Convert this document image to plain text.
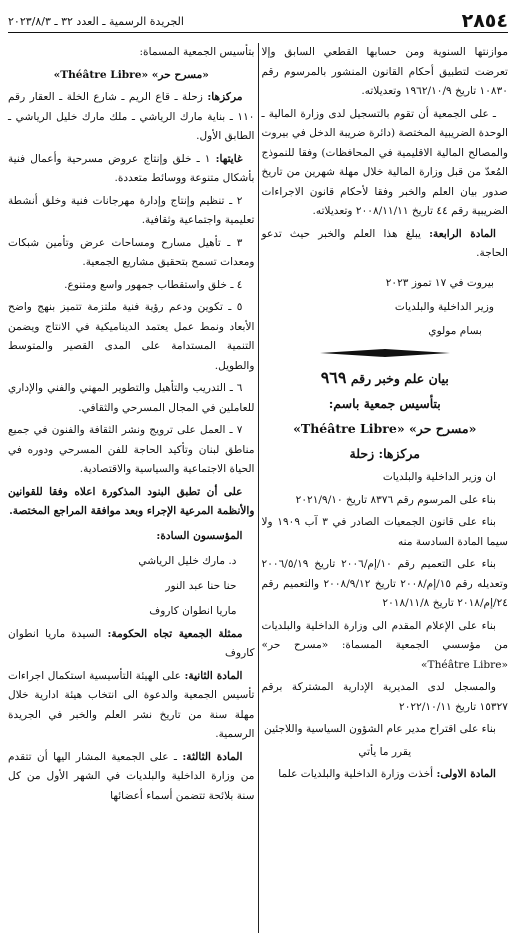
٢٨٥٤
الجريدة الرسمية ـ العدد ٣٢ ـ ٢٠٢٣/٨/٣

موازنتها السنوية ومن حسابها القطعي السابق وإلا تعرضت لتطبيق أحكام القانون المنشور بالمرسوم رقم ١٠٨٣٠ تاريخ ١٩٦٢/١٠/٩ وتعديلاته.

ـ على الجمعية أن تقوم بالتسجيل لدى وزارة المالية ـ الوحدة الضريبية المختصة (دائرة ضريبة الدخل في بيروت والمصالح المالية الاقليمية في المحافظات) وفقا للنموذج المُعدّ من قبل وزارة المالية خلال مهلة شهرين من تاريخ صدور بيان العلم والخبر وفقا لأحكام قانون الاجراءات الضريبية رقم ٤٤ تاريخ ٢٠٠٨/١١/١١ وتعديلاته.

المادة الرابعة: يبلغ هذا العلم والخبر حيث تدعو الحاجة.

بيروت في ١٧ تموز ٢٠٢٣

وزير الداخلية والبلديات

بسام مولوي

بيان علم وخبر رقم ٩٦٩

بتأسيس جمعية باسم:

«مسرح حر» «Théâtre Libre»

مركزها: زحلة

ان وزير الداخلية والبلديات

بناء على المرسوم رقم ٨٣٧٦ تاريخ ٢٠٢١/٩/١٠

بناء على قانون الجمعيات الصادر في ٣ آب ١٩٠٩ ولا سيما المادة السادسة منه

بناء على التعميم رقم ١٠/إم/٢٠٠٦ تاريخ ٢٠٠٦/٥/١٩ وتعديله رقم ١٥/إم/٢٠٠٨ تاريخ ٢٠٠٨/٩/١٢ والتعميم رقم ٢٤/إم/٢٠١٨ تاريخ ٢٠١٨/١١/٨

بناء على الإعلام المقدم الى وزارة الداخلية والبلديات من مؤسسي الجمعية المسماة: «مسرح حر» «Théâtre Libre»

والمسجل لدى المديرية الإدارية المشتركة برقم ١٥٣٢٧ تاريخ ٢٠٢٢/١٠/١١

بناء على اقتراح مدير عام الشؤون السياسية واللاجئين

يقرر ما يأتي

المادة الاولى: أخذت وزارة الداخلية والبلديات علما

بتأسيس الجمعية المسماة:

«مسرح حر» «Théâtre Libre»

مركزها: زحلة ـ قاع الريم ـ شارع الخلة ـ العقار رقم ١١٠ ـ بناية مارك الرياشي ـ ملك مارك خليل الرياشي ـ الطابق الأول.

غايتها: ١ ـ خلق وإنتاج عروض مسرحية وأعمال فنية بأشكال متنوعة ووسائط متعددة.

٢ ـ تنظيم وإنتاج وإدارة مهرجانات فنية وخلق أنشطة تعليمية واجتماعية وثقافية.

٣ ـ تأهيل مسارح ومساحات عرض وتأمين شبكات ومعدات تسمح بتحقيق مشاريع الجمعية.

٤ ـ خلق واستقطاب جمهور واسع ومتنوع.

٥ ـ تكوين ودعم رؤية فنية ملتزمة تتميز بنهج واضح الأبعاد ونمط عمل يعتمد الديناميكية في الانتاج ويضمن التنمية المستدامة على المدى القصير والمتوسط والطويل.

٦ ـ التدريب والتأهيل والتطوير المهني والفني والإداري للعاملين في المجال المسرحي والثقافي.

٧ ـ العمل على ترويج ونشر الثقافة والفنون في جميع مناطق لبنان وتأكيد الحاجة للفن المسرحي ودوره في الحياة الاجتماعية والسياسية والاقتصادية.

على أن تطبق البنود المذكورة اعلاه وفقا للقوانين والأنظمة المرعية الإجراء وبعد موافقة المراجع المختصة.

المؤسسون السادة:

د. مارك خليل الرياشي

حنا حنا عبد النور

ماريا انطوان كاروف

ممثلة الجمعية تجاه الحكومة: السيدة ماريا انطوان كاروف

المادة الثانية: على الهيئة التأسيسية استكمال اجراءات تأسيس الجمعية والدعوة الى انتخاب هيئة ادارية خلال مهلة سنة من تاريخ نشر العلم والخبر في الجريدة الرسمية.

المادة الثالثة: ـ على الجمعية المشار اليها أن تتقدم من وزارة الداخلية والبلديات في الشهر الأول من كل سنة بلائحة تتضمن أسماء أعضائها
